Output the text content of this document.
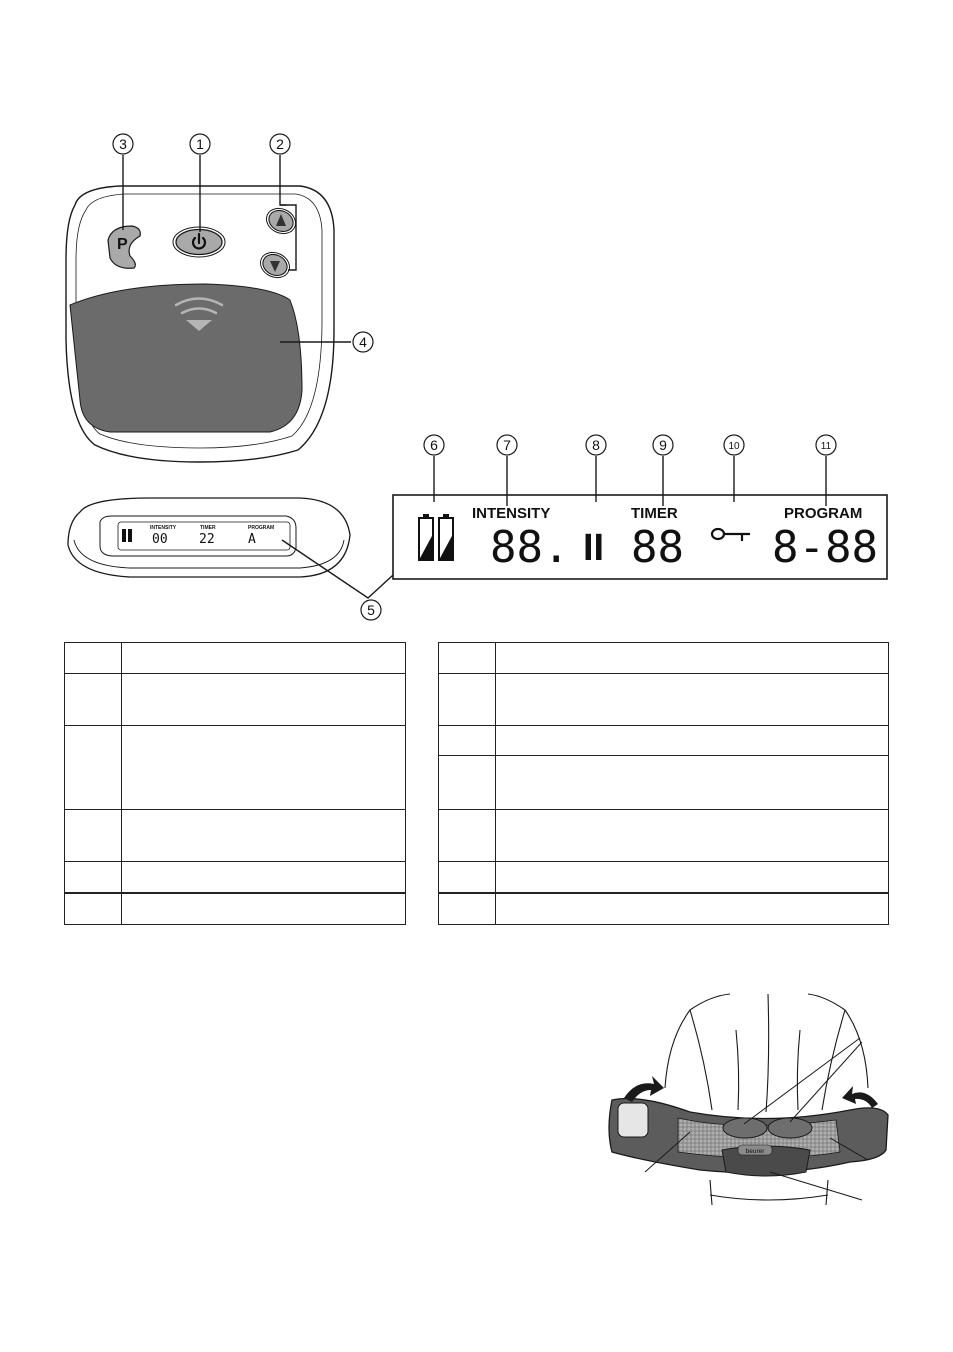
P
3	1	2
4
5
INTENSITY	TIMER	PROGRAM
00 22	A
INTENSITY	TIMER	PROGRAM
88. II 88 8-88
6	7	8	9	10	11
beurer
